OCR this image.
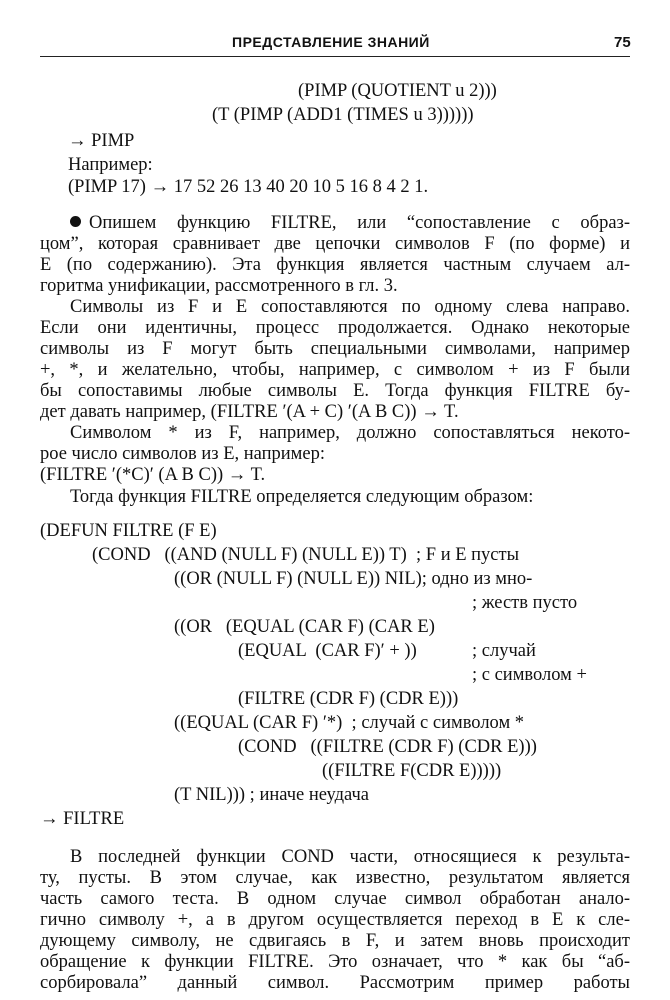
ПРЕДСТАВЛЕНИЕ ЗНАНИЙ	75
(PIMP (QUOTIENT u 2)))
(T (PIMP (ADD1 (TIMES u 3))))))
→ PIMP
Например:
(PIMP 17) → 17 52 26 13 40 20 10 5 16 8 4 2 1.
Опишем функцию FILTRE, или “сопоставление с образ-
цом”, которая сравнивает две цепочки символов F (по форме) и
E (по содержанию). Эта функция является частным случаем ал-
горитма унификации, рассмотренного в гл. 3.
Символы из F и E сопоставляются по одному слева направо.
Если они идентичны, процесс продолжается. Однако некоторые
символы из F могут быть специальными символами, например
+, *, и желательно, чтобы, например, с символом + из F были
бы сопоставимы любые символы E. Тогда функция FILTRE бу-
дет давать например, (FILTRE ′(A + C) ′(A B C)) → T.
Символом * из F, например, должно сопоставляться некото-
рое число символов из E, например:
(FILTRE ′(*C)′ (A B C)) → T.
Тогда функция FILTRE определяется следующим образом:
(DEFUN FILTRE (F E)
(COND   ((AND (NULL F) (NULL E)) T)  ; F и E пусты
((OR (NULL F) (NULL E)) NIL); одно из мно-
; жеств пусто
((OR   (EQUAL (CAR F) (CAR E)
(EQUAL  (CAR F)′ + ))	; случай
; с символом +
(FILTRE (CDR F) (CDR E)))
((EQUAL (CAR F) ′*)  ; случай с символом *
(COND   ((FILTRE (CDR F) (CDR E)))
((FILTRE F(CDR E)))))
(T NIL))) ; иначе неудача
→ FILTRE
В последней функции COND части, относящиеся к результа-
ту, пусты. В этом случае, как известно, результатом является
часть самого теста. В одном случае символ обработан анало-
гично символу +, а в другом осуществляется переход в E к сле-
дующему символу, не сдвигаясь в F, и затем вновь происходит
обращение к функции FILTRE. Это означает, что * как бы “аб-
сорбировала” данный символ. Рассмотрим пример работы
